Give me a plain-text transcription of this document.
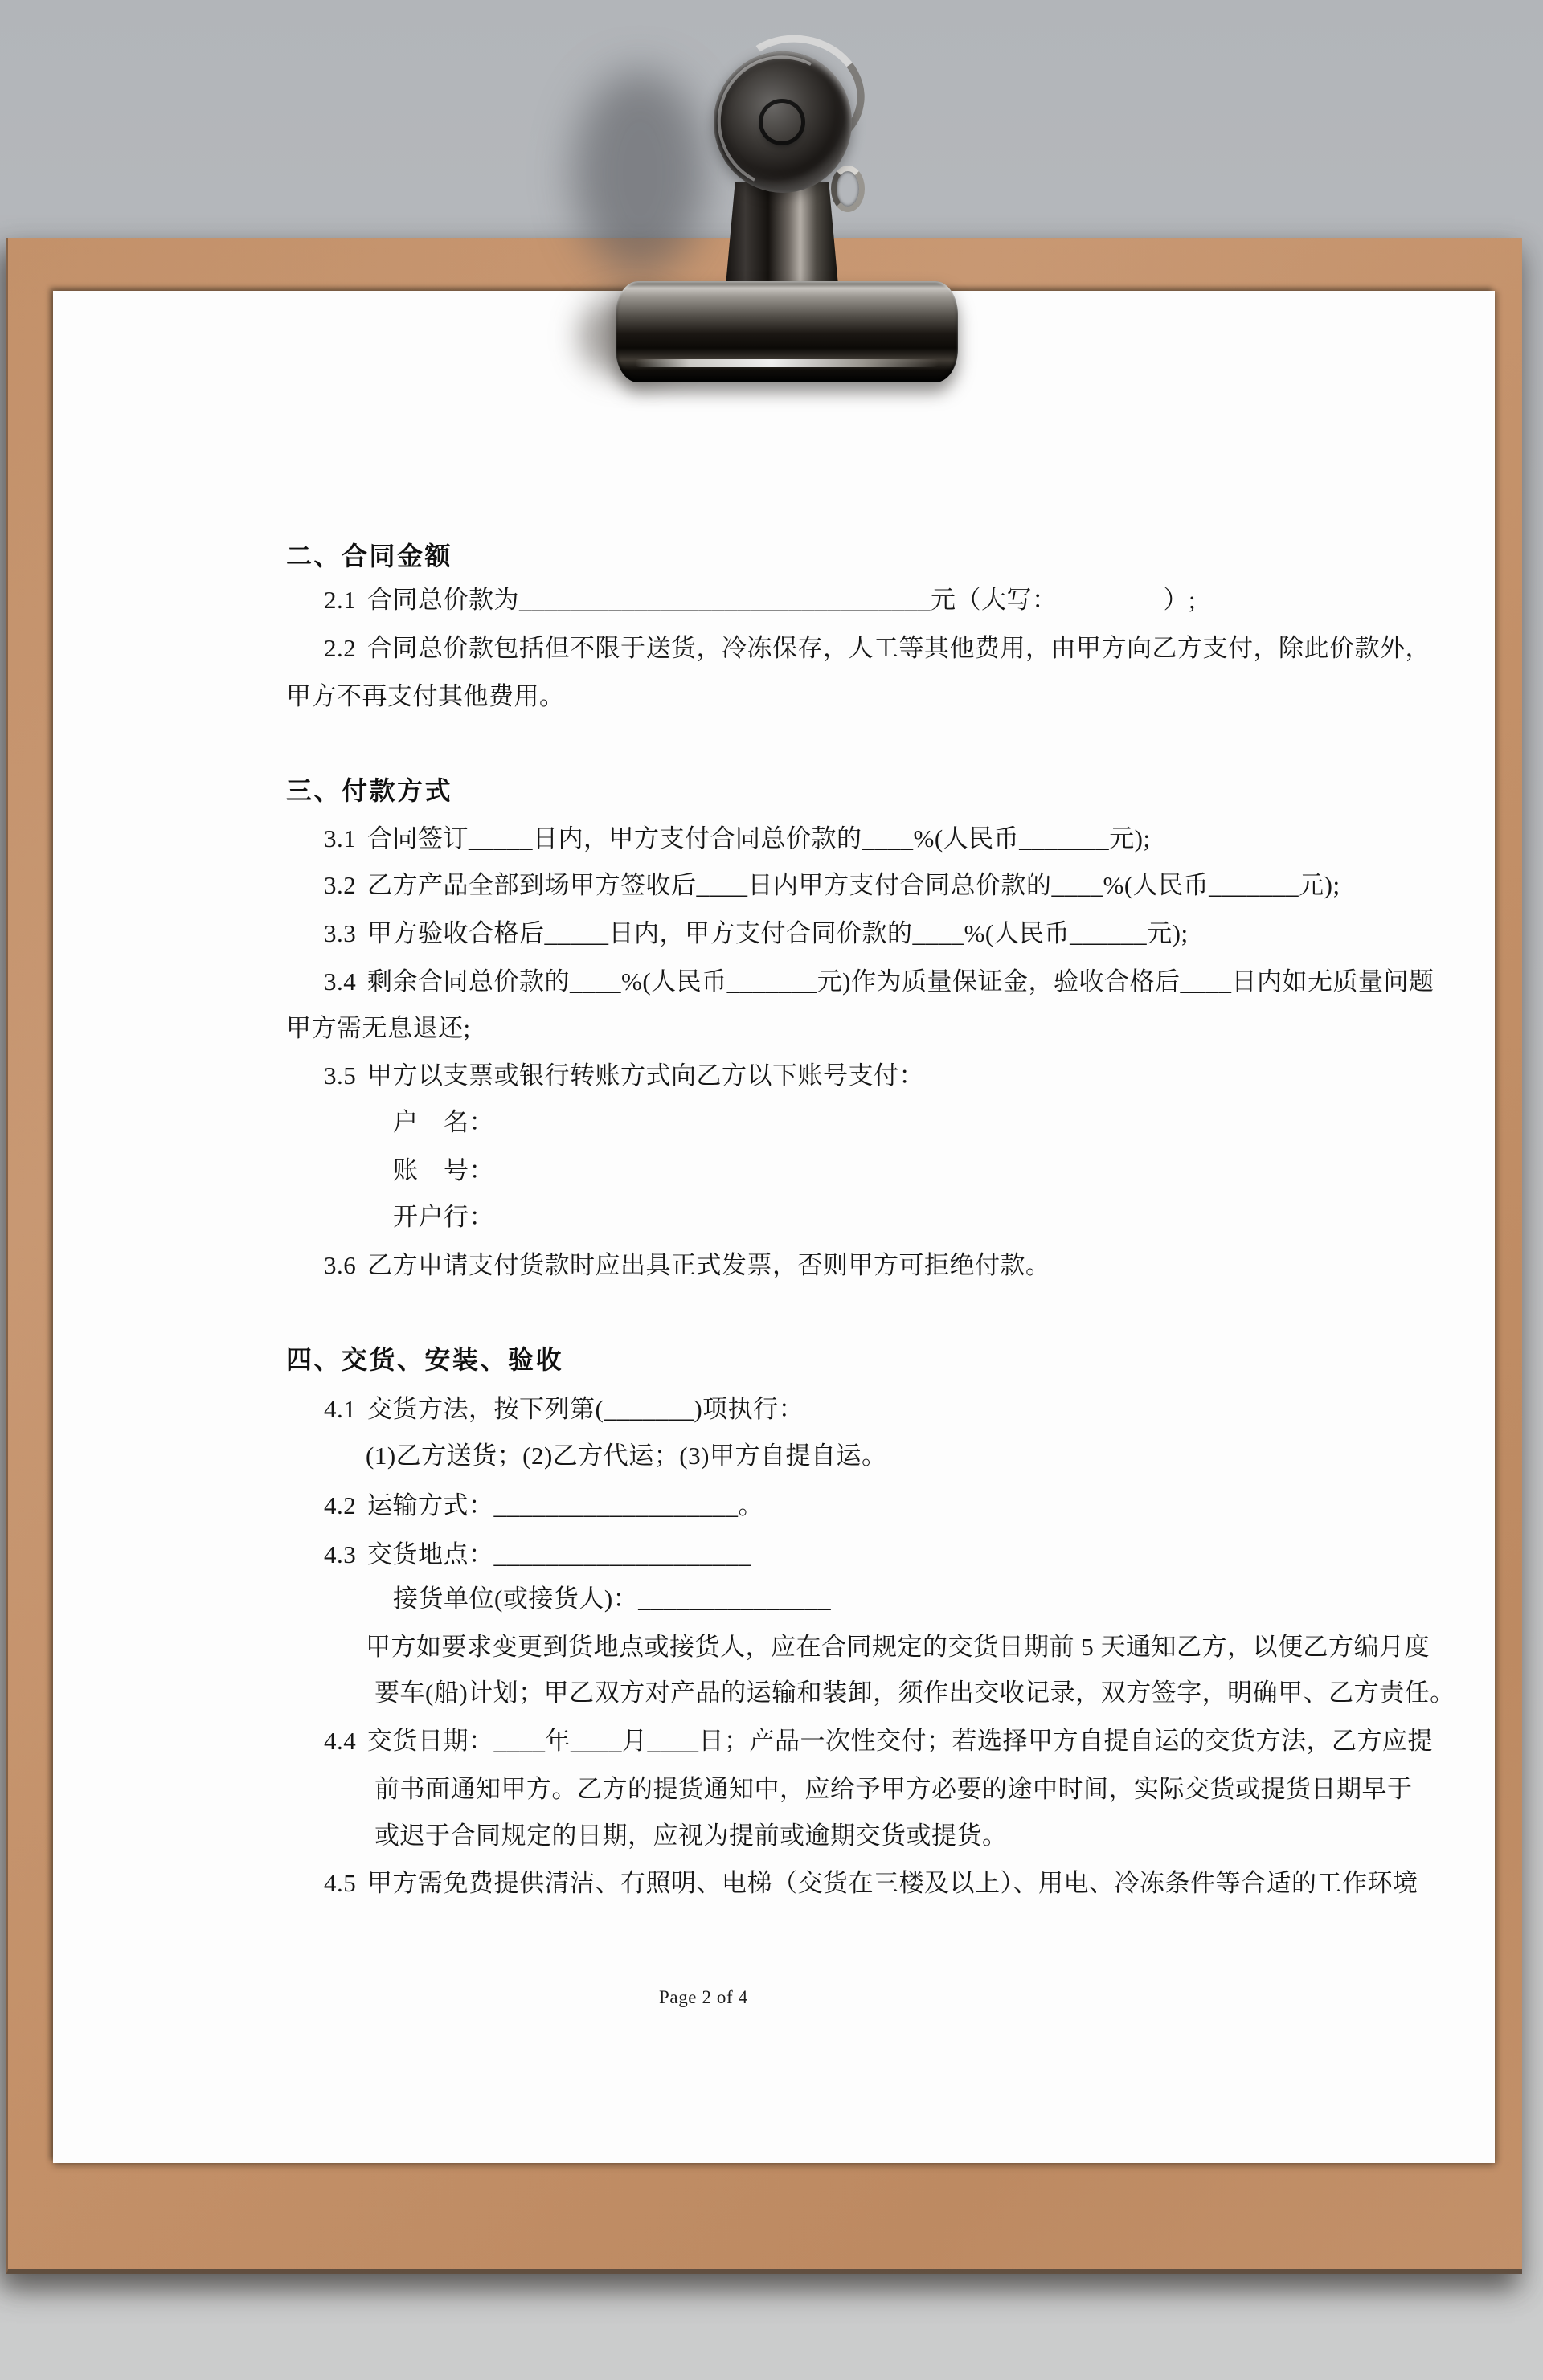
二、合同金额
2.1 合同总价款为________________________________元（大写：                ）;
2.2 合同总价款包括但不限于送货，冷冻保存，人工等其他费用，由甲方向乙方支付，除此价款外，
甲方不再支付其他费用。
三、付款方式
3.1 合同签订_____日内，甲方支付合同总价款的____%(人民币_______元);
3.2 乙方产品全部到场甲方签收后____日内甲方支付合同总价款的____%(人民币_______元);
3.3 甲方验收合格后_____日内，甲方支付合同价款的____%(人民币______元);
3.4 剩余合同总价款的____%(人民币_______元)作为质量保证金，验收合格后____日内如无质量问题
甲方需无息退还;
3.5 甲方以支票或银行转账方式向乙方以下账号支付：
户　名：
账　号：
开户行：
3.6 乙方申请支付货款时应出具正式发票，否则甲方可拒绝付款。
四、交货、安装、验收
4.1 交货方法，按下列第(_______)项执行：
(1)乙方送货；(2)乙方代运；(3)甲方自提自运。
4.2 运输方式：___________________。
4.3 交货地点：____________________
接货单位(或接货人)：_______________
甲方如要求变更到货地点或接货人，应在合同规定的交货日期前 5 天通知乙方，以便乙方编月度
要车(船)计划；甲乙双方对产品的运输和装卸，须作出交收记录，双方签字，明确甲、乙方责任。
4.4 交货日期：____年____月____日；产品一次性交付；若选择甲方自提自运的交货方法，乙方应提
前书面通知甲方。乙方的提货通知中，应给予甲方必要的途中时间，实际交货或提货日期早于
或迟于合同规定的日期，应视为提前或逾期交货或提货。
4.5 甲方需免费提供清洁、有照明、电梯（交货在三楼及以上）、用电、冷冻条件等合适的工作环境
Page 2 of 4
